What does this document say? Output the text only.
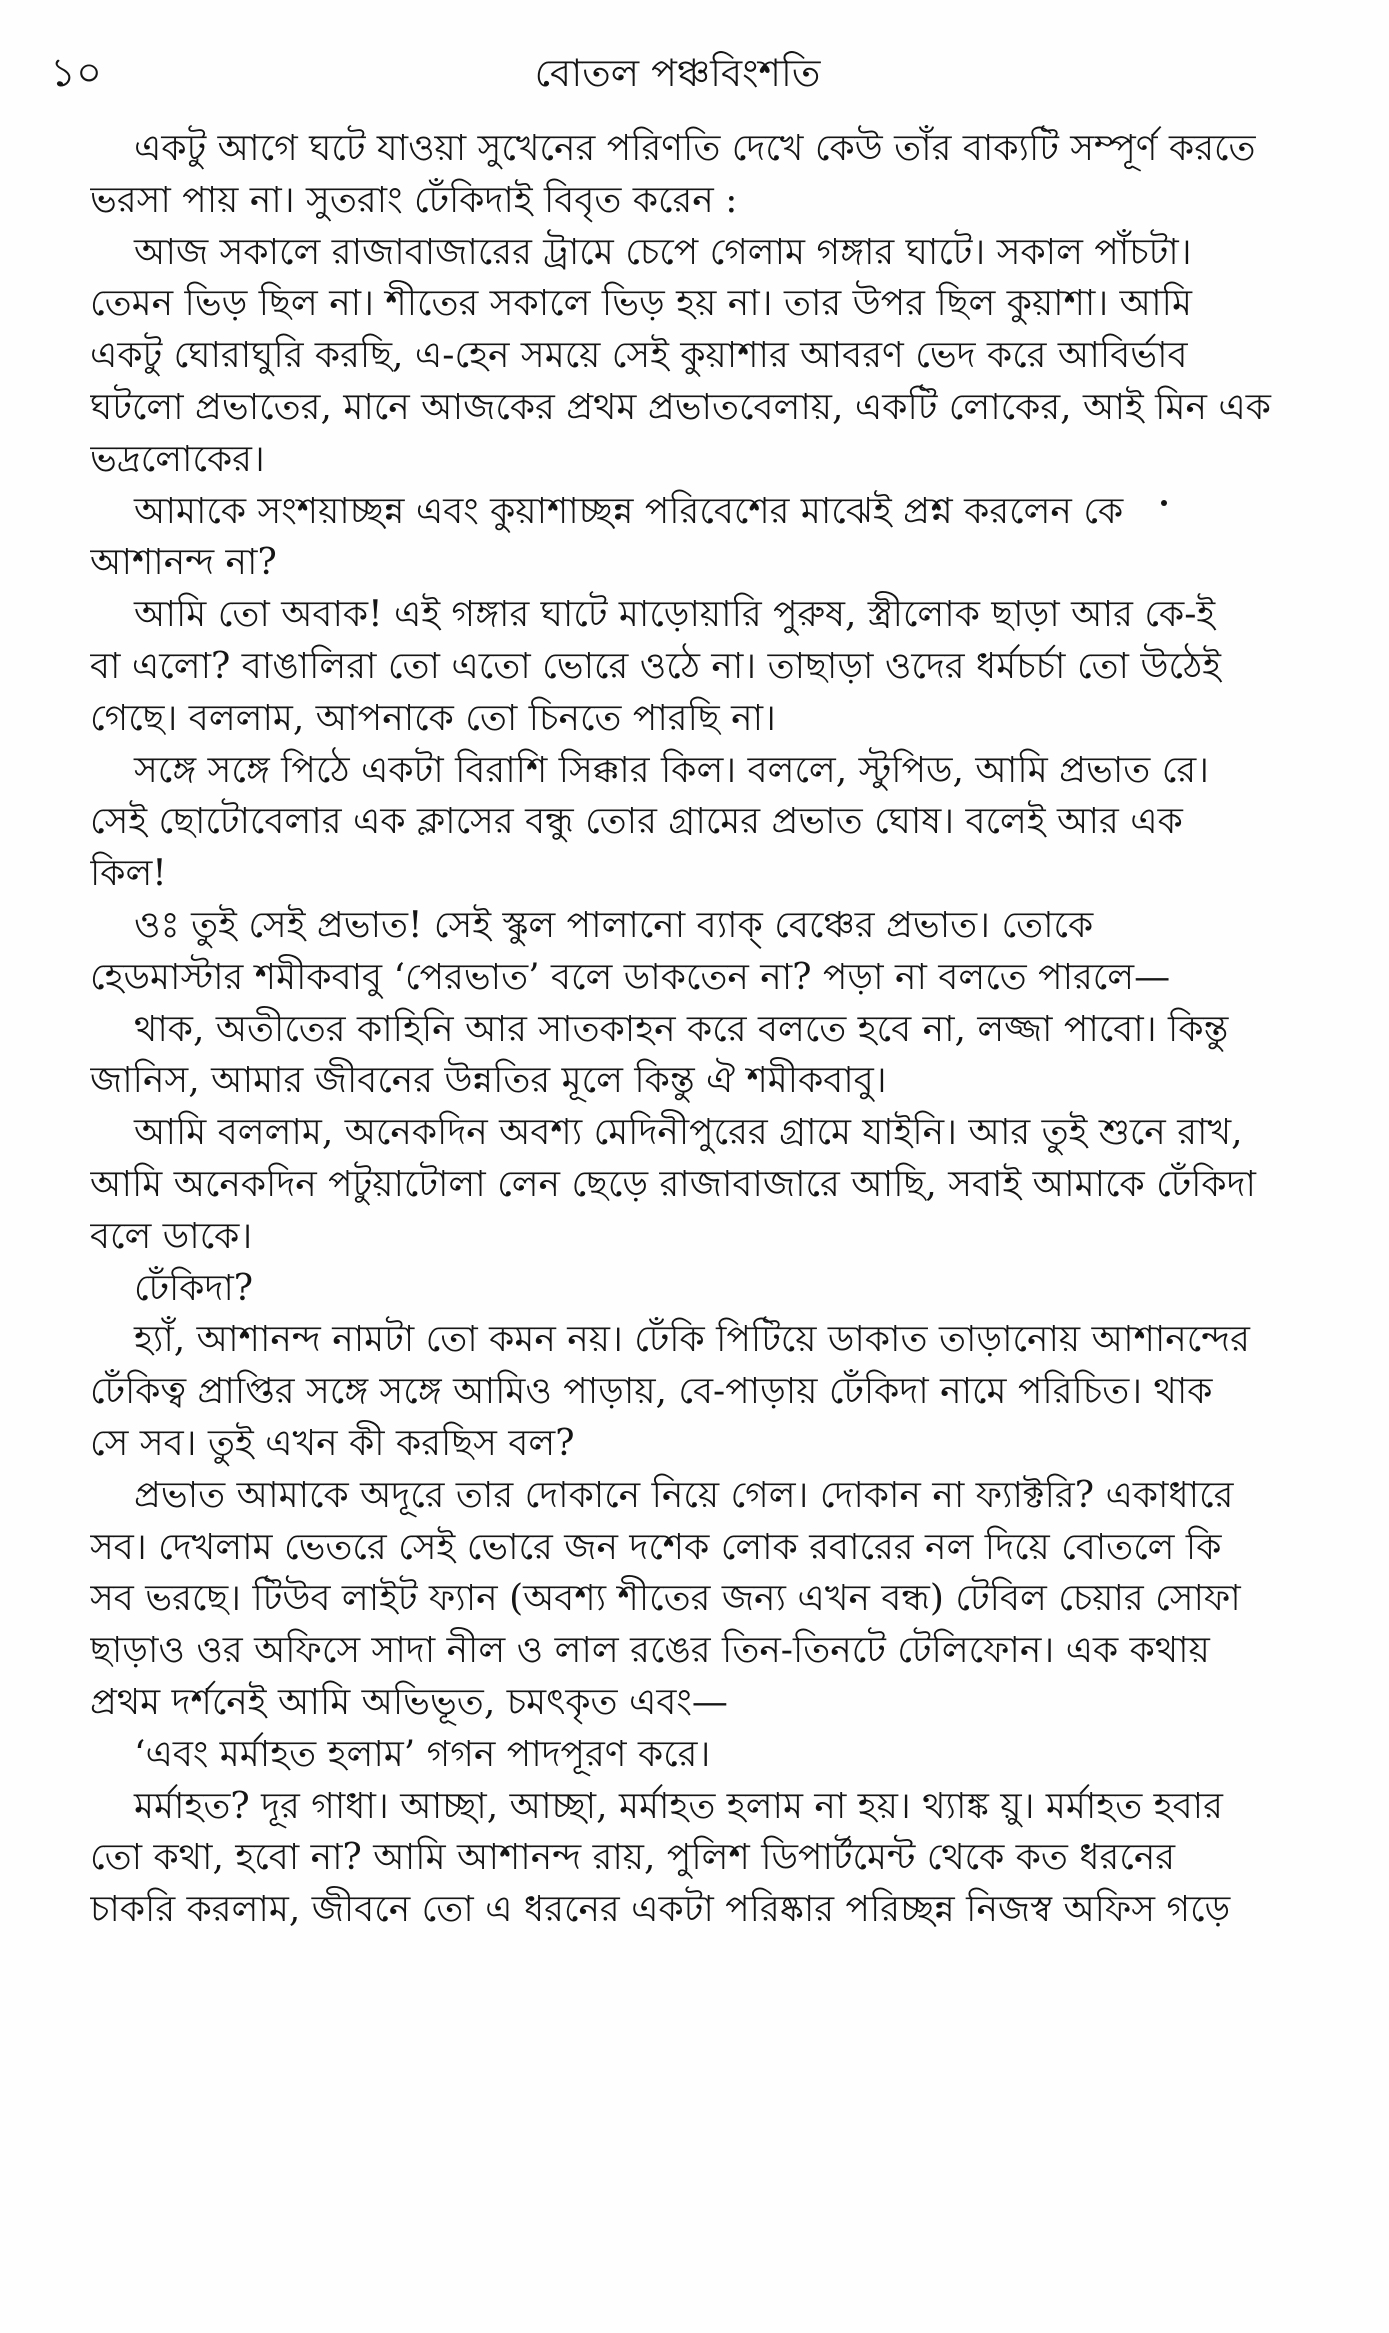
১০	বোতল পঞ্চবিংশতি
একটু আগে ঘটে যাওয়া সুখেনের পরিণতি দেখে কেউ তাঁর বাক্যটি সম্পূর্ণ করতে
ভরসা পায় না। সুতরাং ঢেঁকিদাই বিবৃত করেন :
আজ সকালে রাজাবাজারের ট্রামে চেপে গেলাম গঙ্গার ঘাটে। সকাল পাঁচটা।
তেমন ভিড় ছিল না। শীতের সকালে ভিড় হয় না। তার উপর ছিল কুয়াশা। আমি
একটু ঘোরাঘুরি করছি, এ-হেন সময়ে সেই কুয়াশার আবরণ ভেদ করে আবির্ভাব
ঘটলো প্রভাতের, মানে আজকের প্রথম প্রভাতবেলায়, একটি লোকের, আই মিন এক
ভদ্রলোকের।
আমাকে সংশয়াচ্ছন্ন এবং কুয়াশাচ্ছন্ন পরিবেশের মাঝেই প্রশ্ন করলেন কে
আশানন্দ না?
আমি তো অবাক! এই গঙ্গার ঘাটে মাড়োয়ারি পুরুষ, স্ত্রীলোক ছাড়া আর কে-ই
বা এলো? বাঙালিরা তো এতো ভোরে ওঠে না। তাছাড়া ওদের ধর্মচর্চা তো উঠেই
গেছে। বললাম, আপনাকে তো চিনতে পারছি না।
সঙ্গে সঙ্গে পিঠে একটা বিরাশি সিক্কার কিল। বললে, স্টুপিড, আমি প্রভাত রে।
সেই ছোটোবেলার এক ক্লাসের বন্ধু তোর গ্রামের প্রভাত ঘোষ। বলেই আর এক
কিল!
ওঃ তুই সেই প্রভাত! সেই স্কুল পালানো ব্যাক্ বেঞ্চের প্রভাত। তোকে
হেডমাস্টার শমীকবাবু ‘পেরভাত’ বলে ডাকতেন না? পড়া না বলতে পারলে—
থাক, অতীতের কাহিনি আর সাতকাহন করে বলতে হবে না, লজ্জা পাবো। কিন্তু
জানিস, আমার জীবনের উন্নতির মূলে কিন্তু ঐ শমীকবাবু।
আমি বললাম, অনেকদিন অবশ্য মেদিনীপুরের গ্রামে যাইনি। আর তুই শুনে রাখ,
আমি অনেকদিন পটুয়াটোলা লেন ছেড়ে রাজাবাজারে আছি, সবাই আমাকে ঢেঁকিদা
বলে ডাকে।
ঢেঁকিদা?
হ্যাঁ, আশানন্দ নামটা তো কমন নয়। ঢেঁকি পিটিয়ে ডাকাত তাড়ানোয় আশানন্দের
ঢেঁকিত্ব প্রাপ্তির সঙ্গে সঙ্গে আমিও পাড়ায়, বে-পাড়ায় ঢেঁকিদা নামে পরিচিত। থাক
সে সব। তুই এখন কী করছিস বল?
প্রভাত আমাকে অদূরে তার দোকানে নিয়ে গেল। দোকান না ফ্যাক্টরি? একাধারে
সব। দেখলাম ভেতরে সেই ভোরে জন দশেক লোক রবারের নল দিয়ে বোতলে কি
সব ভরছে। টিউব লাইট ফ্যান (অবশ্য শীতের জন্য এখন বন্ধ) টেবিল চেয়ার সোফা
ছাড়াও ওর অফিসে সাদা নীল ও লাল রঙের তিন-তিনটে টেলিফোন। এক কথায়
প্রথম দর্শনেই আমি অভিভূত, চমৎকৃত এবং—
‘এবং মর্মাহত হলাম’ গগন পাদপূরণ করে।
মর্মাহত? দূর গাধা। আচ্ছা, আচ্ছা, মর্মাহত হলাম না হয়। থ্যাঙ্ক য়ু। মর্মাহত হবার
তো কথা, হবো না? আমি আশানন্দ রায়, পুলিশ ডিপার্টমেন্ট থেকে কত ধরনের
চাকরি করলাম, জীবনে তো এ ধরনের একটা পরিষ্কার পরিচ্ছন্ন নিজস্ব অফিস গড়ে
